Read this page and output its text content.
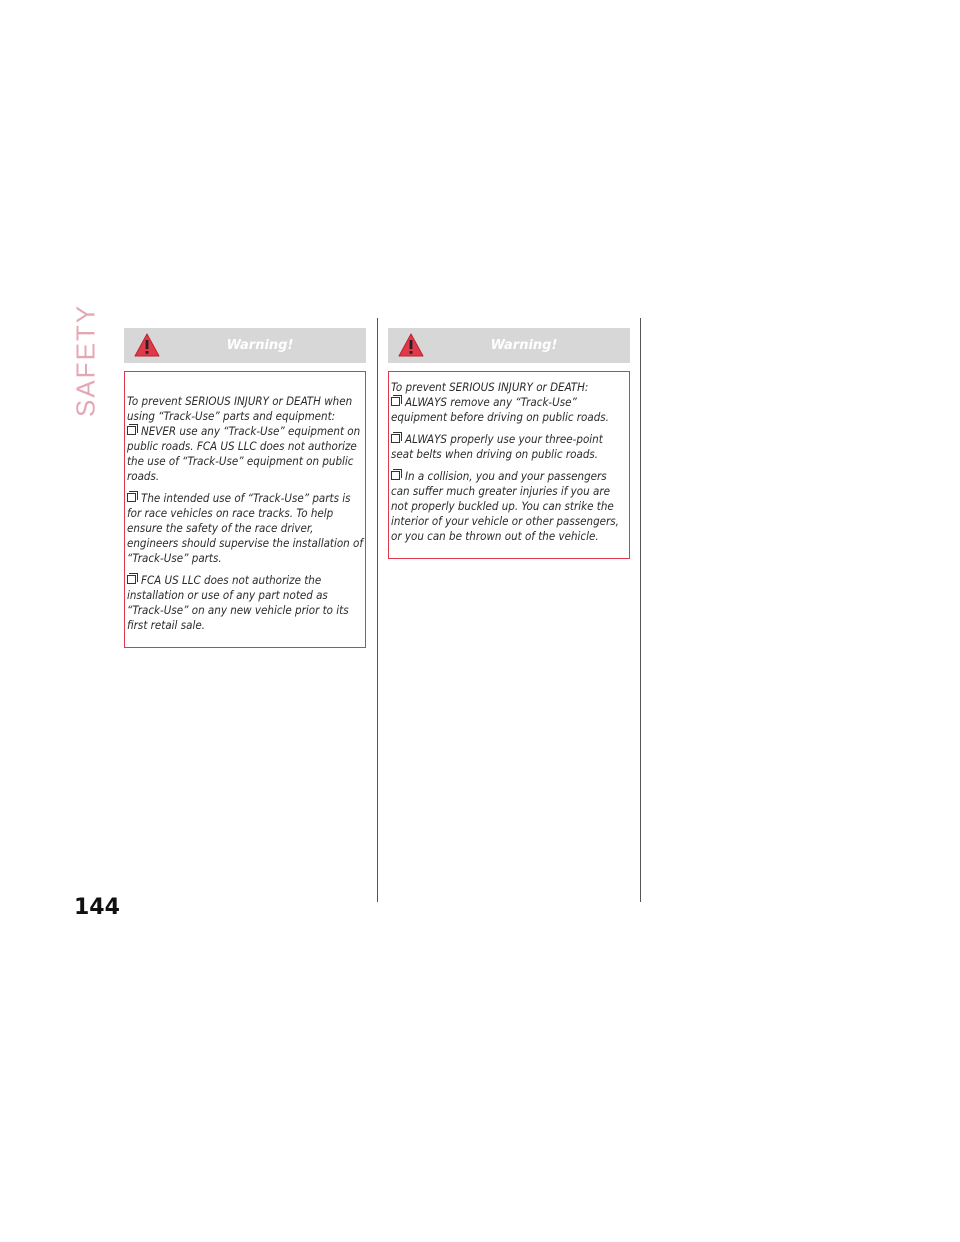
SAFETY	Warning!

To prevent SERIOUS INJURY or DEATH when using “Track-Use” parts and equipment:

NEVER use any “Track-Use” equipment on public roads. FCA US LLC does not authorize the use of “Track-Use” equipment on public roads.

The intended use of “Track-Use” parts is for race vehicles on race tracks. To help ensure the safety of the race driver, engineers should supervise the installation of “Track-Use” parts.

FCA US LLC does not authorize the installation or use of any part noted as “Track-Use” on any new vehicle prior to its first retail sale.

Warning!

To prevent SERIOUS INJURY or DEATH:

ALWAYS remove any “Track-Use” equipment before driving on public roads.

ALWAYS properly use your three-point seat belts when driving on public roads.

In a collision, you and your passengers can suffer much greater injuries if you are not properly buckled up. You can strike the interior of your vehicle or other passengers, or you can be thrown out of the vehicle.

144
